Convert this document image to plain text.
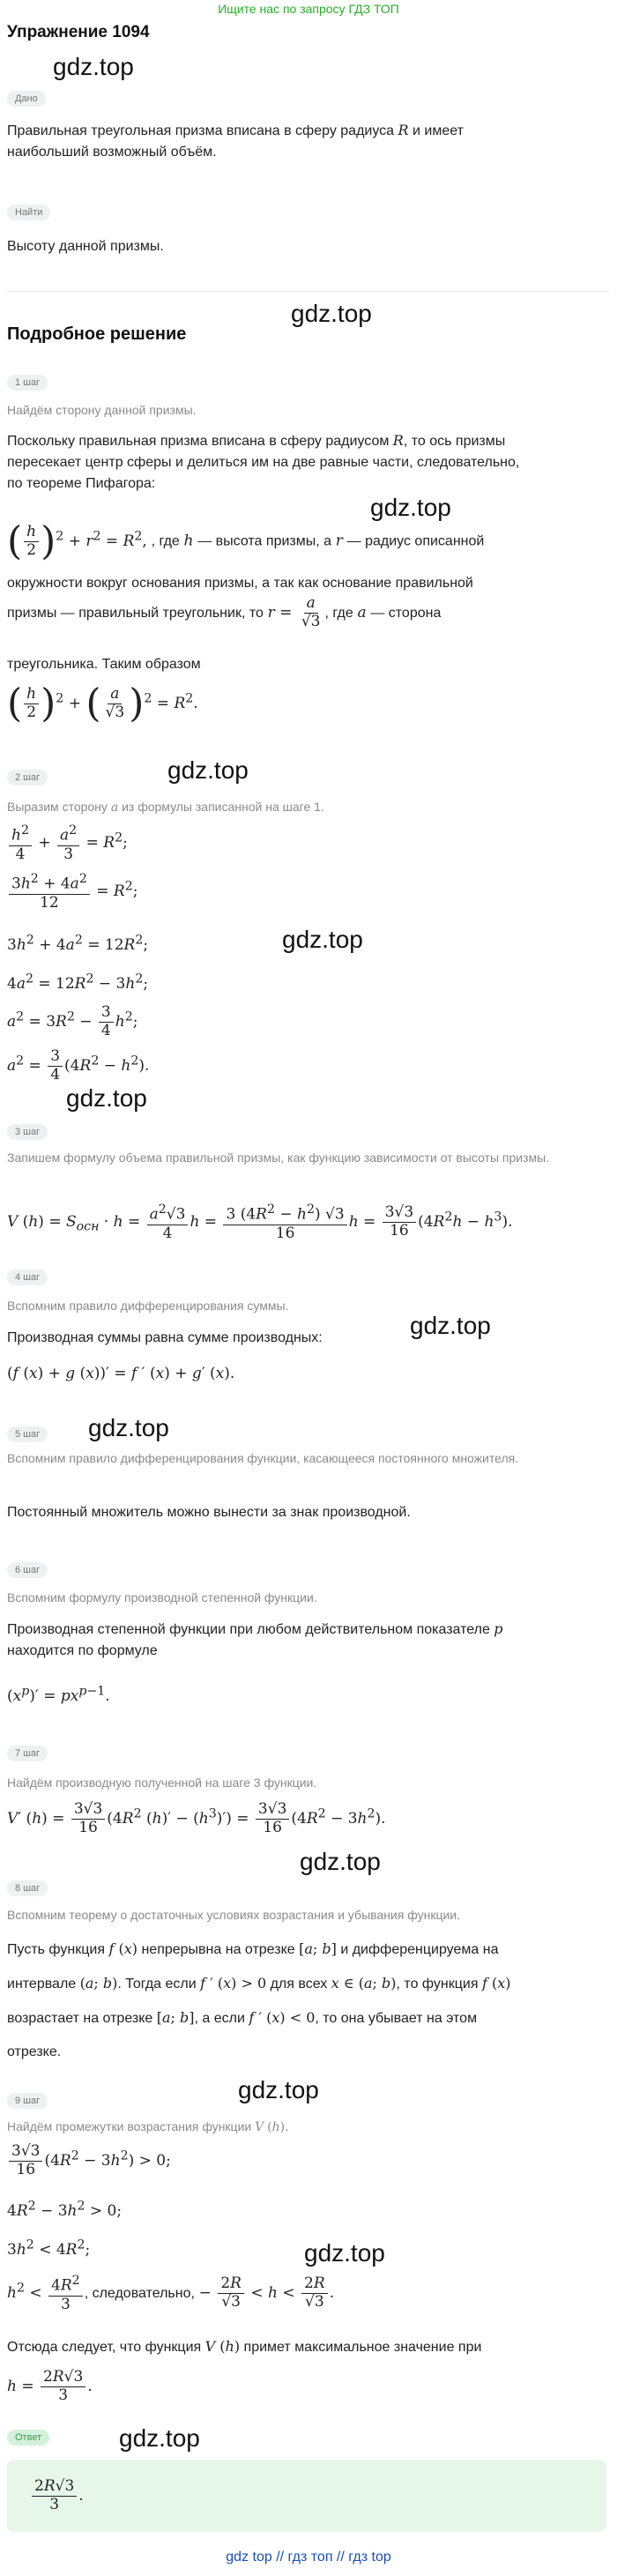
Ищите нас по запросу ГДЗ ТОП
Упражнение 1094
gdz.top
Дано
Правильная треугольная призма вписана в сферу радиуса R и имеет
наибольший возможный объём.
Найти
Высоту данной призмы.
gdz.top
Подробное решение
1 шаг
Найдём сторону данной призмы.
Поскольку правильная призма вписана в сферу радиусом R, то ось призмы
пересекает центр сферы и делиться им на две равные части, следовательно,
по теореме Пифагора:
gdz.top
( $\frac{h}{2} )^2 + r^2 = R^2$, , где h — высота призмы, а r — радиус описанной
окружности вокруг основания призмы, а так как основание правильной
призмы — правильный треугольник, то $r = \frac{a}{√3}$ , где a — сторона
треугольника. Таким образом
( $\frac{h}{2} )^2$ + ( $\frac{a}{√3} )^2 = R^2$.
gdz.top
2 шаг
Выразим сторону a из формулы записанной на шаге 1.
$\frac{h^2}{4} + \frac{a^2}{3} = R^2$;
$\frac{3h^2 + 4a^2}{12} = R^2$;
gdz.top
$3h^2 + 4a^2 = 12R^2$;
$4a^2 = 12R^2 - 3h^2$;
$a^2 = 3R^2 - \frac{3}{4} h^2$;
$a^2 = \frac{3}{4} (4R^2 - h^2)$.
gdz.top
3 шаг
Запишем формулу объема правильной призмы, как функцию зависимости от высоты призмы.
V $(h) = S_{осн} \cdot h = \frac{a^2√3}{4}$ $h = \frac{3 (4R^2 - h^2) √3}{16}$ $h = \frac{3√3}{16} (4R^2h - h^3)$.
4 шаг
Вспомним правило дифференцирования суммы.
gdz.top
Производная суммы равна сумме производных:
(f (x) + g (x))′ = f ′ (x) + g′ (x).
gdz.top
5 шаг
Вспомним правило дифференцирования функции, касающееся постоянного множителя.
Постоянный множитель можно вынести за знак производной.
6 шаг
Вспомним формулу производной степенной функции.
Производная степенной функции при любом действительном показателе p
находится по формуле
$(x^p)' = px^{p-1}$.
7 шаг
Найдём производную полученной на шаге 3 функции.
V′ $(h) = \frac{3√3}{16} (4R^2$ $(h)' - (h^3)') = \frac{3√3}{16} (4R^2 - 3h^2)$.
gdz.top
8 шаг
Вспомним теорему о достаточных условиях возрастания и убывания функции.
Пусть функция f (x) непрерывна на отрезке [a; b] и дифференцируема на
интервале (a; b). Тогда если f ′ (x) > 0 для всех x ∈ (a; b), то функция f (x)
возрастает на отрезке [a; b], а если f ′ (x) < 0, то она убывает на этом
отрезке.
gdz.top
9 шаг
Найдём промежутки возрастания функции V (h).
$\frac{3√3}{16} (4R^2 - 3h^2) > 0$;
$4R^2 - 3h^2 > 0$;
$3h^2 < 4R^2$;	gdz.top
$h^2 < \frac{4R^2}{3}$ , следовательно, − $\frac{2R}{√3} < h < \frac{2R}{√3}$ .
Отсюда следует, что функция V (h) примет максимальное значение при
$h = \frac{2R√3}{3}$ .
Ответ	gdz.top
$\frac{2R√3}{3}$ .
gdz top // гдз топ // гдз top
